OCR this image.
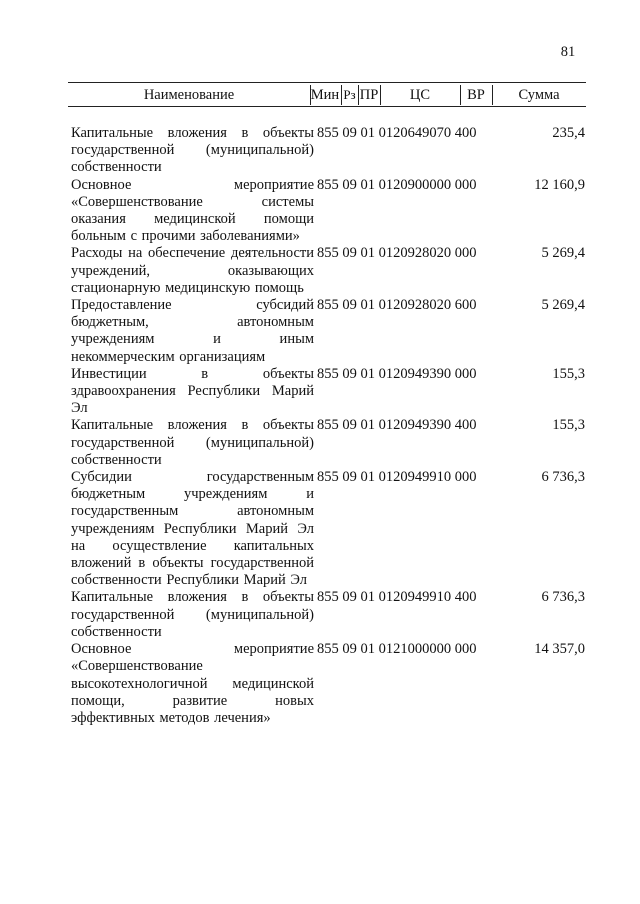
81
Наименование	Мин Рз ПР	ЦС	ВР	Сумма
Капитальные вложения в объекты государственной (муниципальной) собственности
855 09 01 0120649070 400	235,4
Основное мероприятие «Совершенствование системы оказания медицинской помощи больным с прочими заболеваниями»
855 09 01 0120900000 000	12 160,9
Расходы на обеспечение деятельности учреждений, оказывающих стационарную медицинскую помощь
855 09 01 0120928020 000	5 269,4
Предоставление субсидий бюджетным, автономным учреждениям и иным некоммерческим организациям
855 09 01 0120928020 600	5 269,4
Инвестиции в объекты здравоохранения Республики Марий Эл
855 09 01 0120949390 000	155,3
Капитальные вложения в объекты государственной (муниципальной) собственности
855 09 01 0120949390 400	155,3
Субсидии государственным бюджетным учреждениям и государственным автономным учреждениям Республики Марий Эл на осуществление капитальных вложений в объекты государственной собственности Республики Марий Эл
855 09 01 0120949910 000	6 736,3
Капитальные вложения в объекты государственной (муниципальной) собственности
855 09 01 0120949910 400	6 736,3
Основное мероприятие «Совершенствование высокотехнологичной медицинской помощи, развитие новых эффективных методов лечения»
855 09 01 0121000000 000	14 357,0
